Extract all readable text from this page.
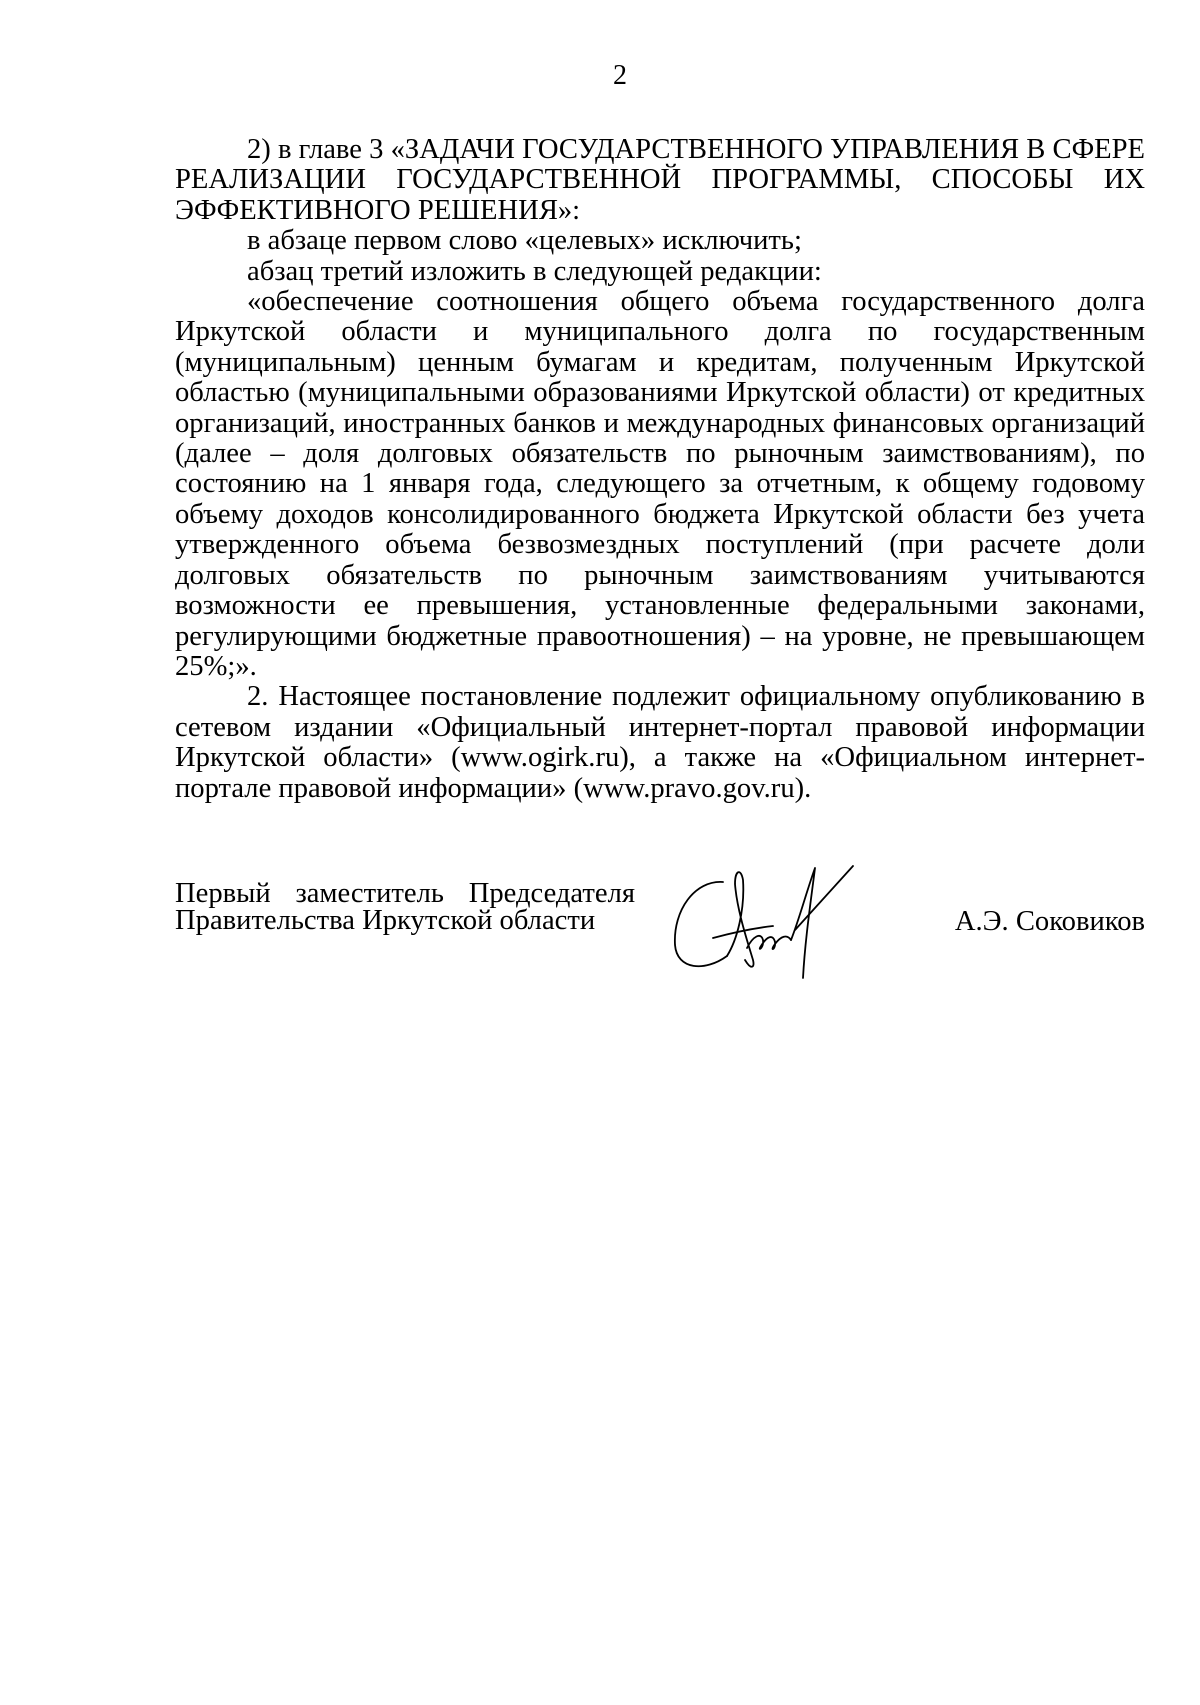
2

2) в главе 3 «ЗАДАЧИ ГОСУДАРСТВЕННОГО УПРАВЛЕНИЯ В СФЕРЕ РЕАЛИЗАЦИИ ГОСУДАРСТВЕННОЙ ПРОГРАММЫ, СПОСОБЫ ИХ ЭФФЕКТИВНОГО РЕШЕНИЯ»:

в абзаце первом слово «целевых» исключить;

абзац третий изложить в следующей редакции:

«обеспечение соотношения общего объема государственного долга Иркутской области и муниципального долга по государственным (муниципальным) ценным бумагам и кредитам, полученным Иркутской областью (муниципальными образованиями Иркутской области) от кредитных организаций, иностранных банков и международных финансовых организаций (далее – доля долговых обязательств по рыночным заимствованиям), по состоянию на 1 января года, следующего за отчетным, к общему годовому объему доходов консолидированного бюджета Иркутской области без учета утвержденного объема безвозмездных поступлений (при расчете доли долговых обязательств по рыночным заимствованиям учитываются возможности ее превышения, установленные федеральными законами, регулирующими бюджетные правоотношения) – на уровне, не превышающем 25%;».

2. Настоящее постановление подлежит официальному опубликованию в сетевом издании «Официальный интернет-портал правовой информации Иркутской области» (www.ogirk.ru), а также на «Официальном интернет-портале правовой информации» (www.pravo.gov.ru).

Первый заместитель Председателя
Правительства Иркутской области	А.Э. Соковиков
